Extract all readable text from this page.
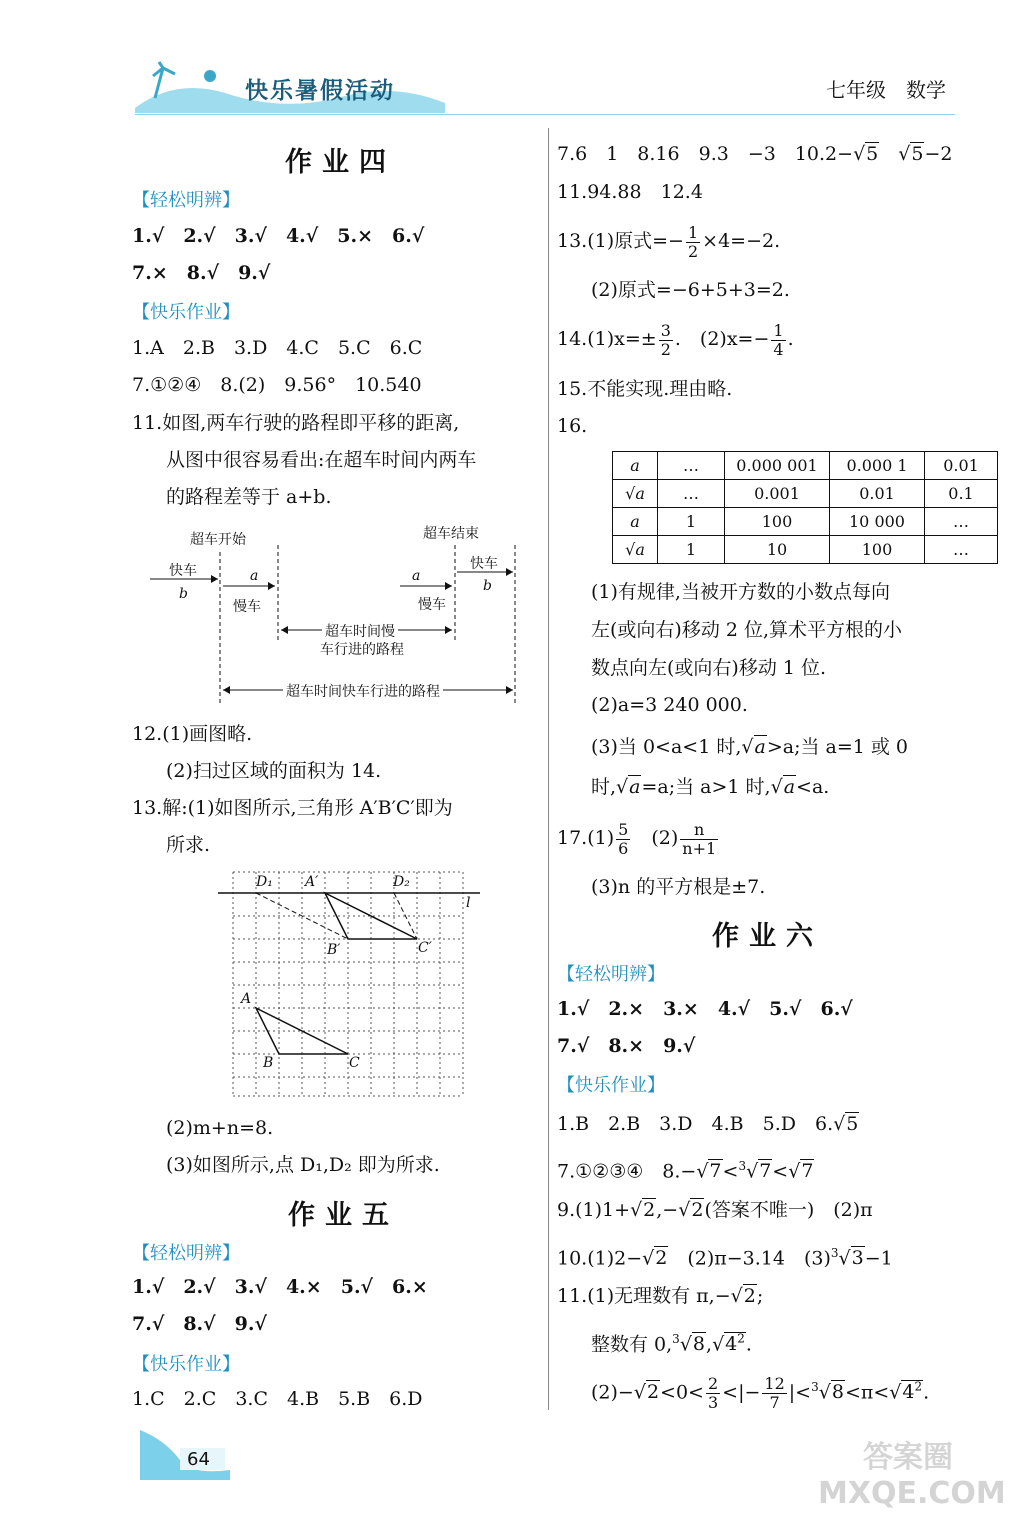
快乐暑假活动	七年级　数学
作业四
【轻松明辨】
1.√　2.√　3.√　4.√　5.×　6.√
7.×　8.√　9.√
【快乐作业】
1.A　2.B　3.D　4.C　5.C　6.C
7.①②④　8.(2)　9.56°　10.540
11.如图,两车行驶的路程即平移的距离,
从图中很容易看出:在超车时间内两车
的路程差等于 a+b.
超车开始	超车结束
快车
b
a
慢车
a
慢车
快车
b
超车时间慢
车行进的路程
超车时间快车行进的路程
12.(1)画图略.
(2)扫过区域的面积为 14.
13.解:(1)如图所示,三角形 A′B′C′即为
所求.
D₁ A′	D₂
l
B′	C′
A
B	C
(2)m+n=8.
(3)如图所示,点 D₁,D₂ 即为所求.
作业五
【轻松明辨】
1.√　2.√　3.√　4.×　5.√　6.×
7.√　8.√　9.√
【快乐作业】
1.C　2.C　3.C　4.B　5.B　6.D
7.6　1　8.16　9.3　−3　10.2−√5　 √5−2
11.94.88　12.4
13.(1)原式=− $\frac{1}{2} \times 4=-2$.
(2)原式=−6+5+3=2.
$14.(1)x=\pm \frac{3}{2}$ .　$(2)x=- \frac{1}{4}$ .
15.不能实现.理由略.
16.
a	…	0.000 001	0.000 1	0.01
√a	…	0.001	0.01	0.1
a	1	100	10 000	…
√a	1	10	100	…
(1)有规律,当被开方数的小数点每向
左(或向右)移动 2 位,算术平方根的小
数点向左(或向右)移动 1 位.
(2)a=3 240 000.
(3)当 0<a<1 时,√a>a;当 a=1 或 0
时,√a=a;当 a>1 时,√a<a.
$17.(1) \frac{5}{6}$
　 $(2) \frac{n}{n+1}$
(3)n 的平方根是±7.
作业六
【轻松明辨】
1.√　2.×　3.×　4.√　5.√　6.√
7.√　8.×　9.√
【快乐作业】
1.B　2.B　3.D　4.B　5.D　6.√5
7.①②③④　8.−√7<$^3$√7<√7
9.(1)1+√2,−√2(答案不唯一)　(2)π
10.(1)2−√2　 (2)π−3.14　$(3)^3√3-1$
11.(1)无理数有 π,−√2;
整数有 $0,^3√8,√4^2$.
$(2)-√2<0< \frac{2}{3}$ <|− $\frac{12}{7} |<^3√8<\pi<√4^2$.
64	答案圈 MXQE.COM
